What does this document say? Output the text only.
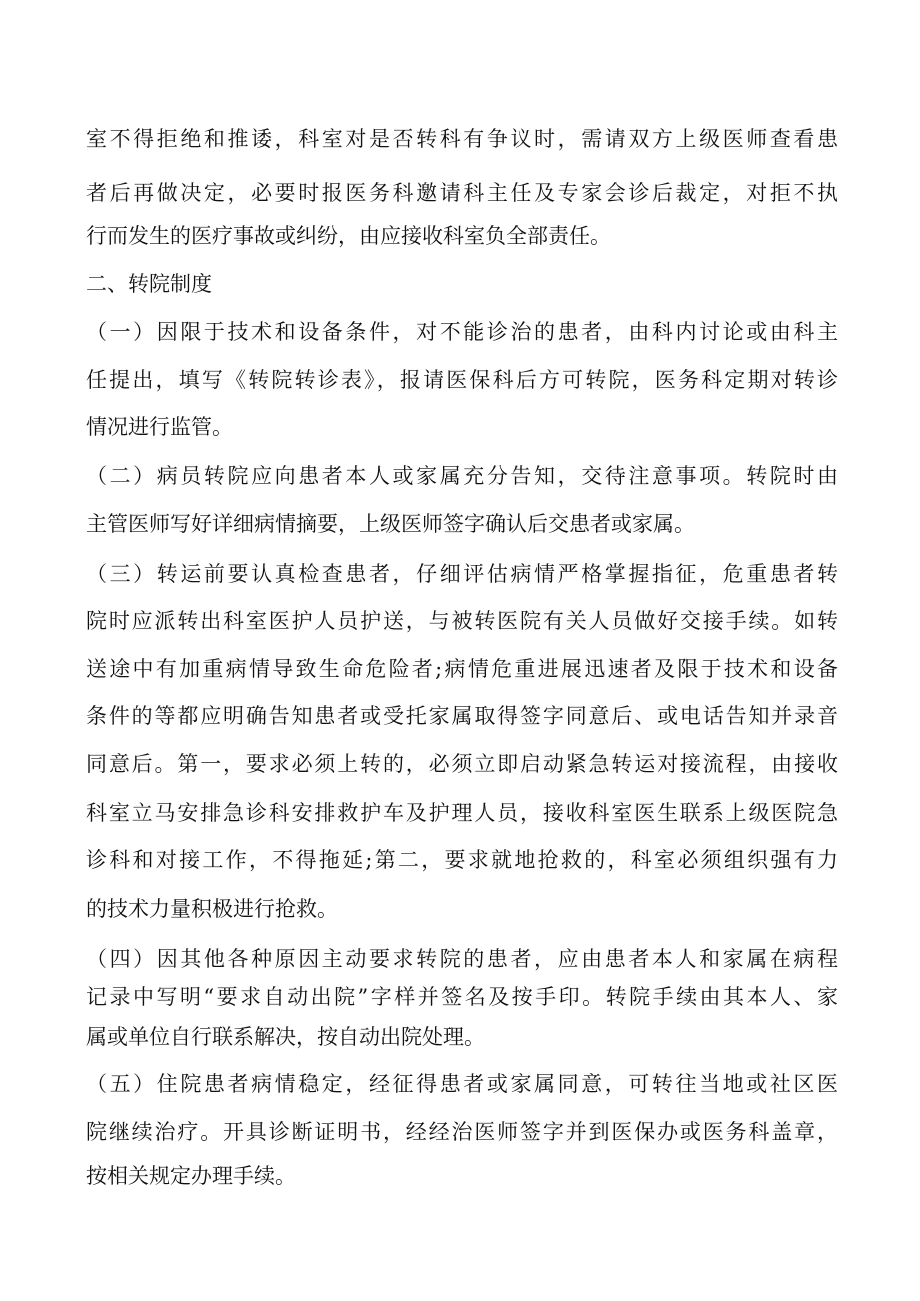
室不得拒绝和推诿，科室对是否转科有争议时，需请双方上级医师查看患
者后再做决定，必要时报医务科邀请科主任及专家会诊后裁定，对拒不执
行而发生的医疗事故或纠纷，由应接收科室负全部责任。
二、转院制度
（一）因限于技术和设备条件，对不能诊治的患者，由科内讨论或由科主
任提出，填写《转院转诊表》，报请医保科后方可转院，医务科定期对转诊
情况进行监管。
（二）病员转院应向患者本人或家属充分告知，交待注意事项。转院时由
主管医师写好详细病情摘要，上级医师签字确认后交患者或家属。
（三）转运前要认真检查患者，仔细评估病情严格掌握指征，危重患者转
院时应派转出科室医护人员护送，与被转医院有关人员做好交接手续。如转
送途中有加重病情导致生命危险者;病情危重进展迅速者及限于技术和设备
条件的等都应明确告知患者或受托家属取得签字同意后、或电话告知并录音
同意后。第一，要求必须上转的，必须立即启动紧急转运对接流程，由接收
科室立马安排急诊科安排救护车及护理人员，接收科室医生联系上级医院急
诊科和对接工作，不得拖延;第二，要求就地抢救的，科室必须组织强有力
的技术力量积极进行抢救。
（四）因其他各种原因主动要求转院的患者，应由患者本人和家属在病程
记录中写明“要求自动出院”字样并签名及按手印。转院手续由其本人、家
属或单位自行联系解决，按自动出院处理。
（五）住院患者病情稳定，经征得患者或家属同意，可转往当地或社区医
院继续治疗。开具诊断证明书，经经治医师签字并到医保办或医务科盖章，
按相关规定办理手续。
